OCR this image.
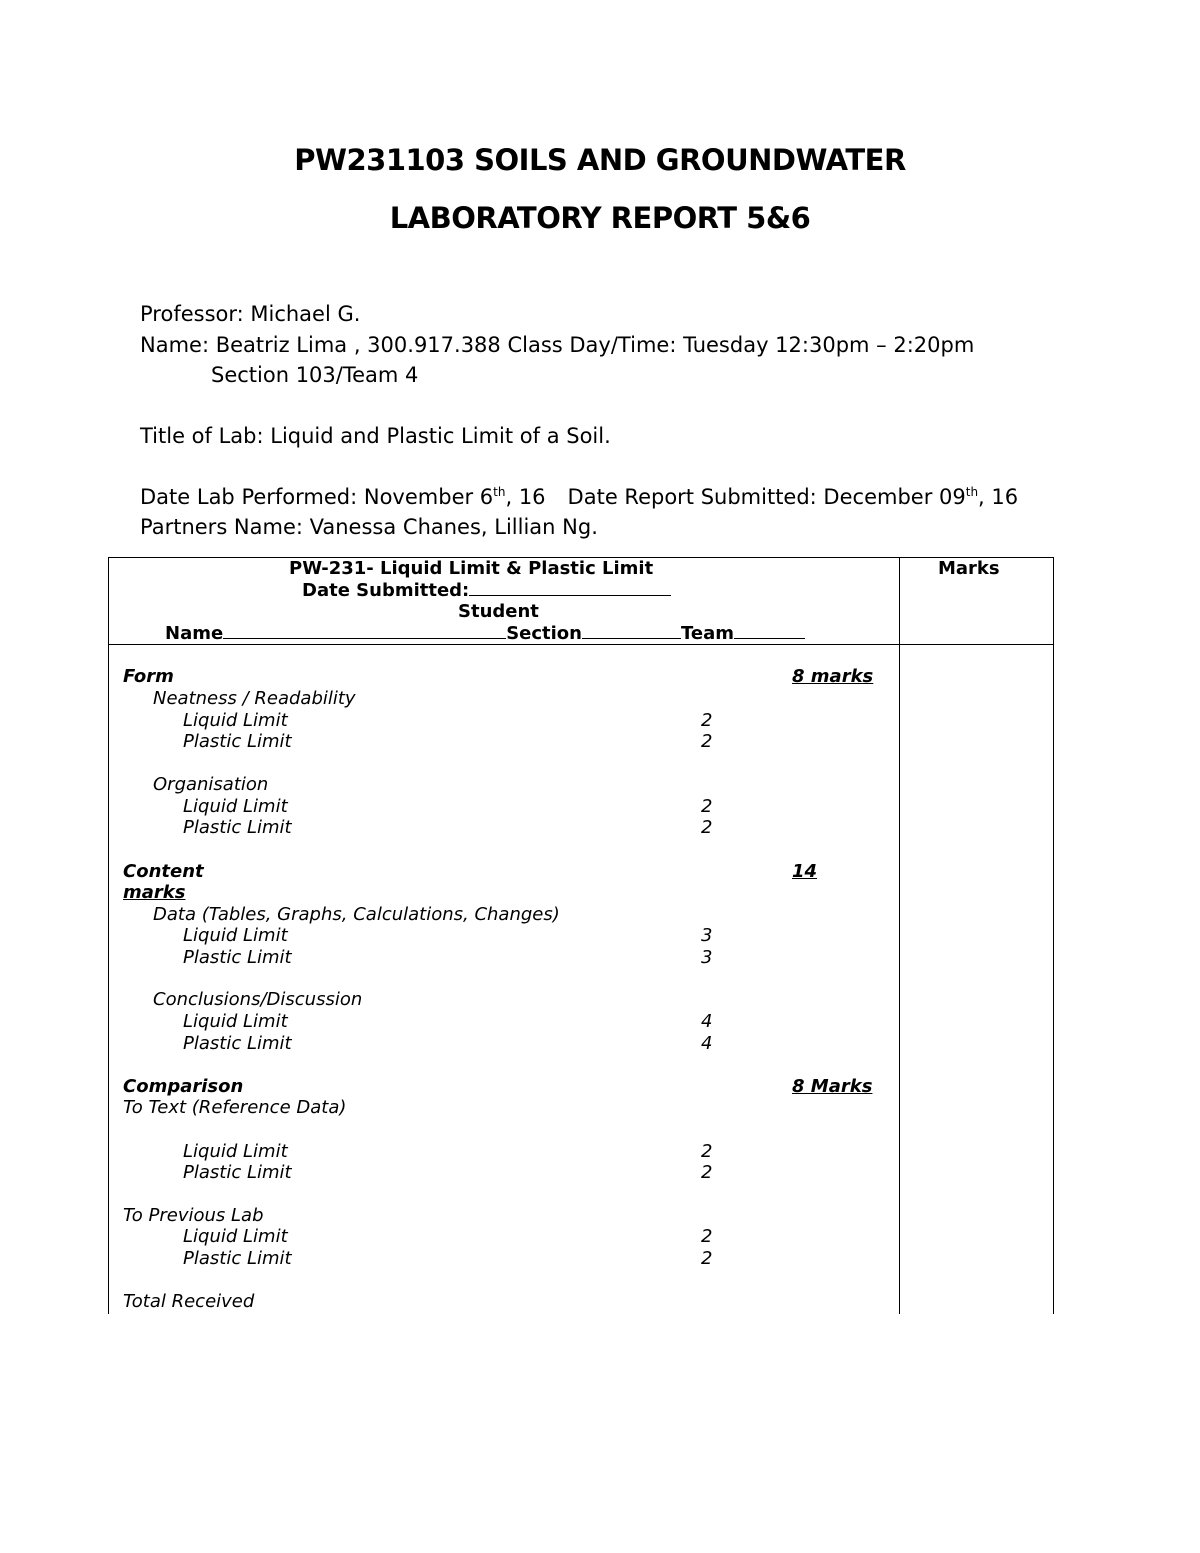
PW231103 SOILS AND GROUNDWATER
LABORATORY REPORT 5&6
Professor: Michael G.
Name: Beatriz Lima , 300.917.388 Class Day/Time: Tuesday 12:30pm – 2:20pm
Section 103/Team 4
Title of Lab: Liquid and Plastic Limit of a Soil.
Date Lab Performed: November 6th, 16 Date Report Submitted: December 09th, 16
Partners Name: Vanessa Chanes, Lillian Ng.
PW-231- Liquid Limit & Plastic Limit	Marks
Date Submitted:
Student
Name	Section	Team
Form	8 marks
Neatness / Readability
Liquid Limit	2
Plastic Limit	2
Organisation
Liquid Limit	2
Plastic Limit	2
Content	14
marks
Data (Tables, Graphs, Calculations, Changes)
Liquid Limit	3
Plastic Limit	3
Conclusions/Discussion
Liquid Limit	4
Plastic Limit	4
Comparison	8 Marks
To Text (Reference Data)
Liquid Limit	2
Plastic Limit	2
To Previous Lab
Liquid Limit	2
Plastic Limit	2
Total Received
